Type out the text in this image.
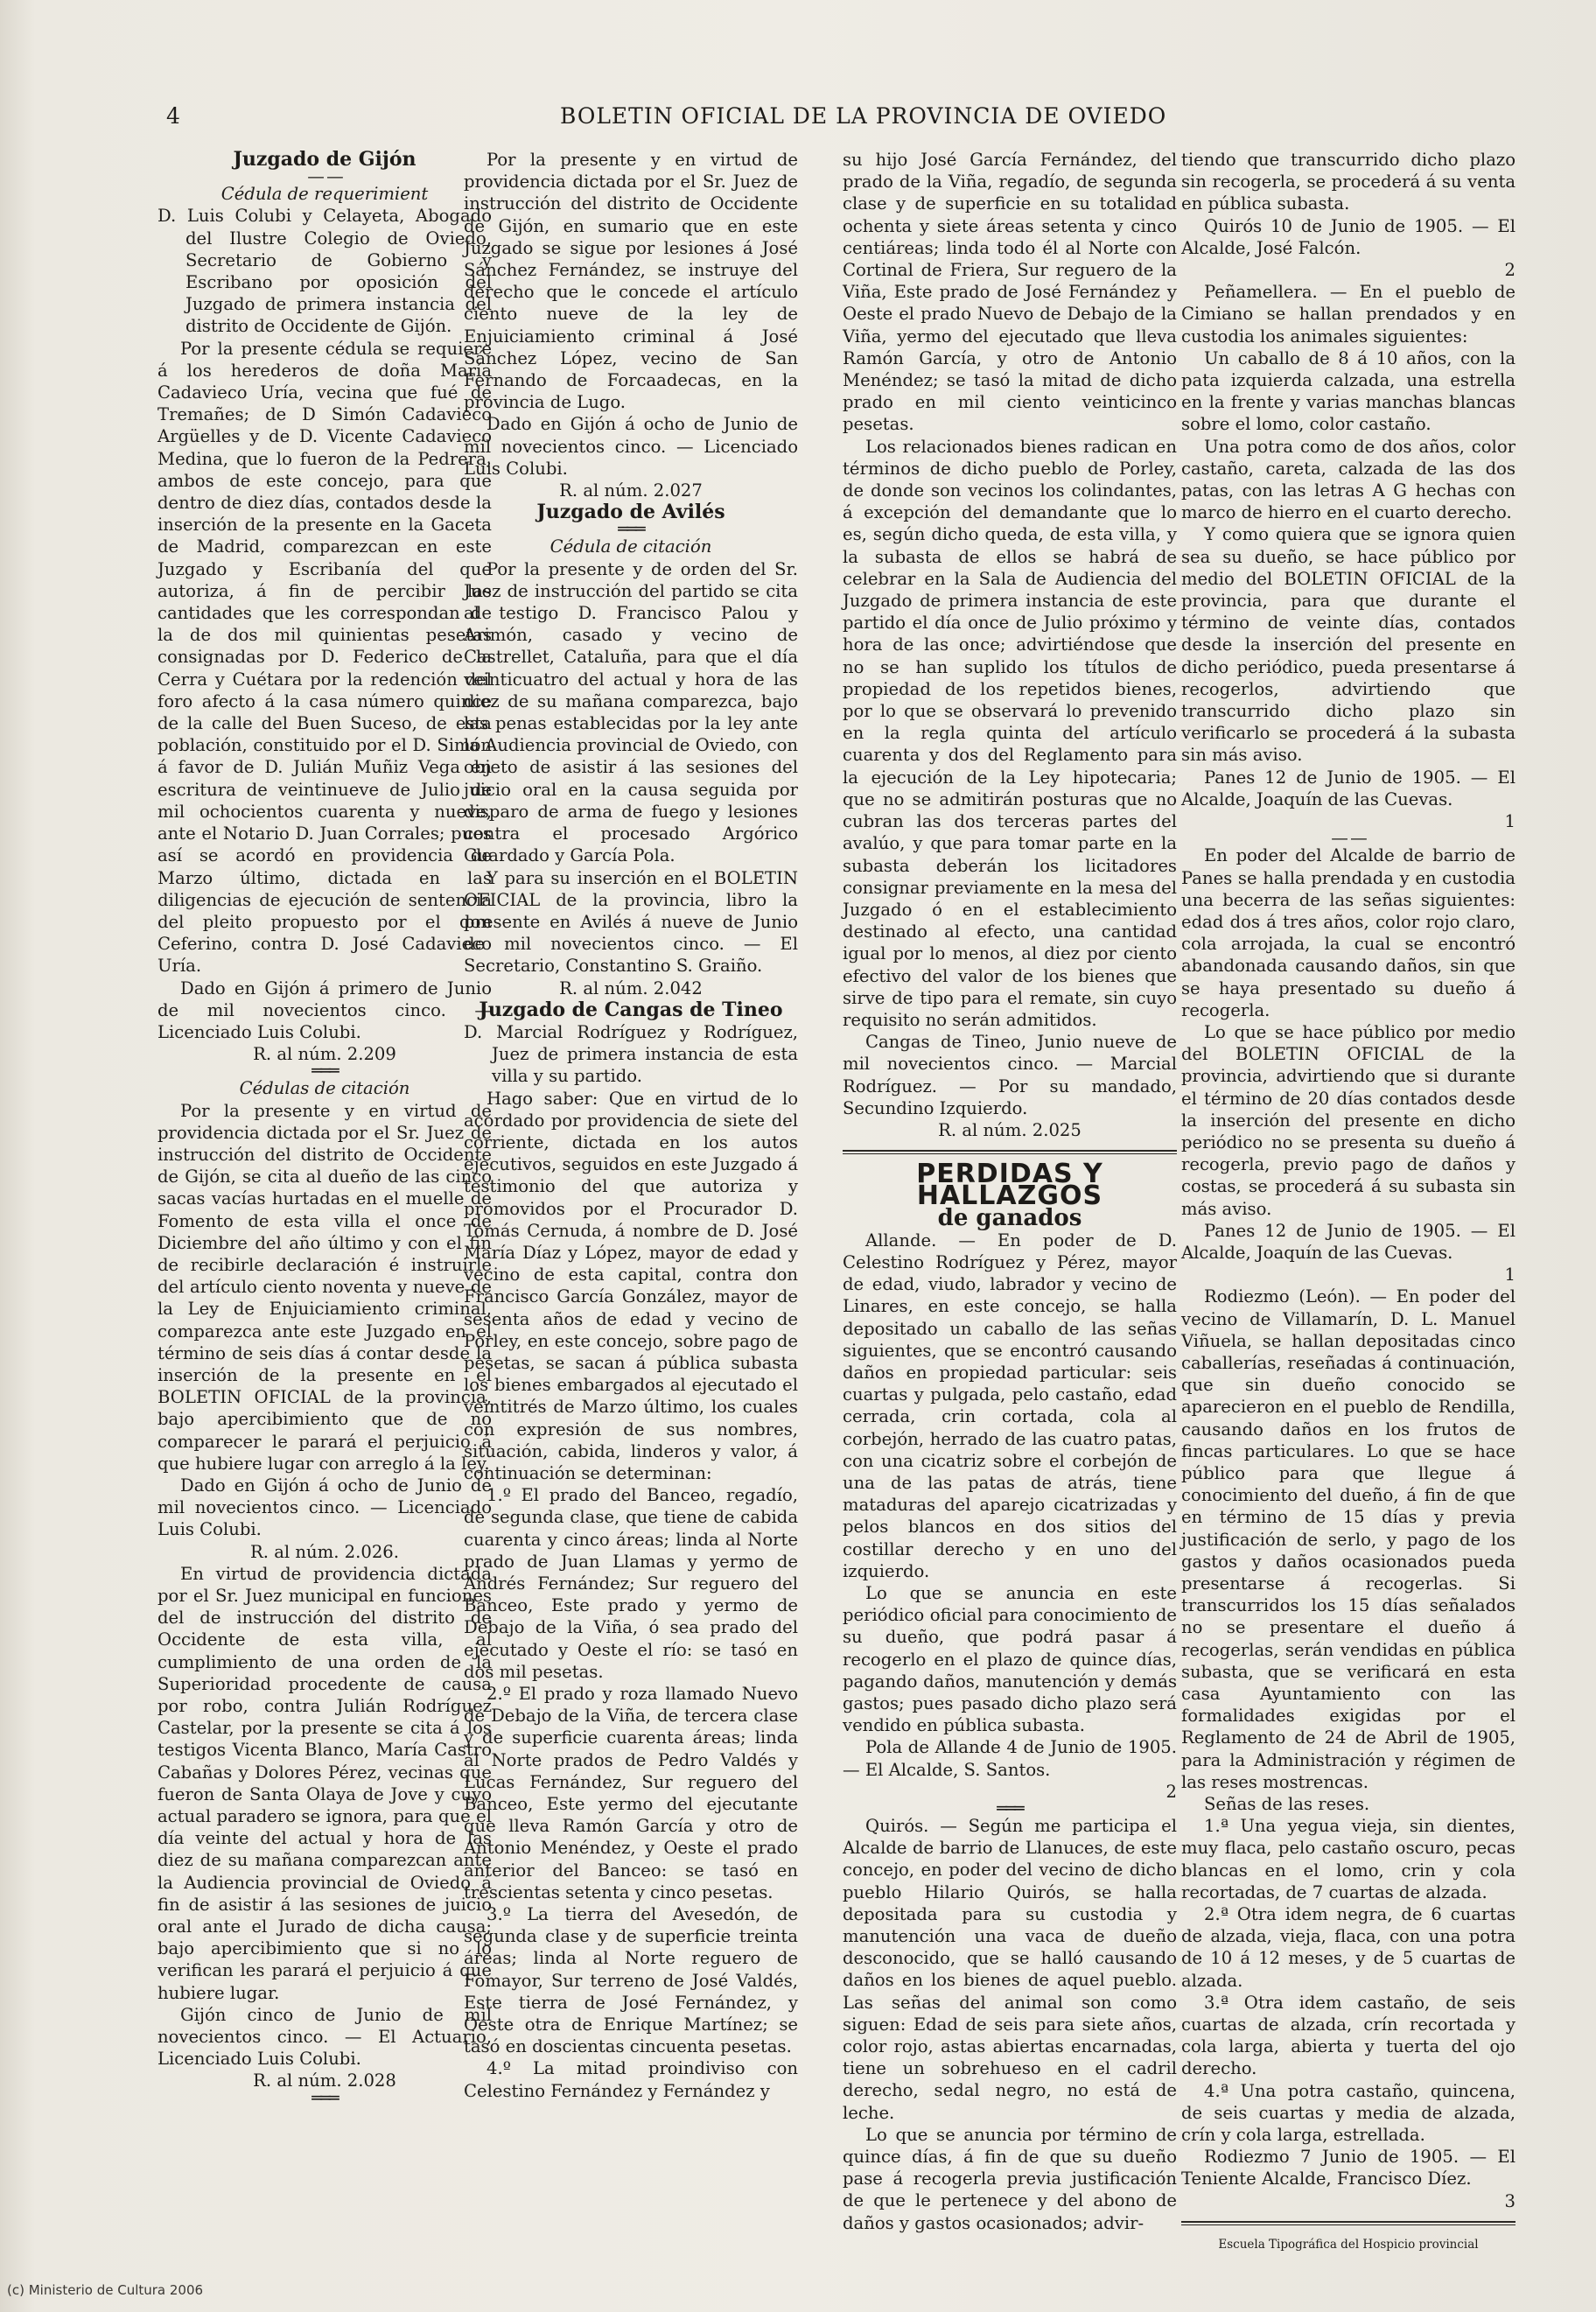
4	BOLETIN OFICIAL DE LA PROVINCIA DE OVIEDO

Juzgado de Gijón

— —

Cédula de requerimient

D. Luis Colubi y Celayeta, Abogado del Ilustre Colegio de Oviedo, Secretario de Gobierno y Escribano por oposición del Juzgado de primera instancia del distrito de Occidente de Gijón.

Por la presente cédula se requiere á los herederos de doña María Cadavieco Uría, vecina que fué de Tremañes; de D Simón Cadavieco Argüelles y de D. Vicente Cadavieco Medina, que lo fueron de la Pedrera, ambos de este concejo, para que dentro de diez días, contados desde la inserción de la presente en la Gaceta de Madrid, comparezcan en este Juzgado y Escribanía del que autoriza, á fin de percibir las cantidades que les correspondan de la de dos mil quinientas pesetas consignadas por D. Federico de la Cerra y Cuétara por la redención del foro afecto á la casa número quince de la calle del Buen Suceso, de esta población, constituido por el D. Simón á favor de D. Julián Muñiz Vega en escritura de veintinueve de Julio de mil ochocientos cuarenta y nueve, ante el Notario D. Juan Corrales; pues así se acordó en providencia de Marzo último, dictada en las diligencias de ejecución de sentencia del pleito propuesto por el don Ceferino, contra D. José Cadavieco Uría.

Dado en Gijón á primero de Junio de mil novecientos cinco. — Licenciado Luis Colubi.

R. al núm. 2.209

═══

Cédulas de citación

Por la presente y en virtud de providencia dictada por el Sr. Juez de instrucción del distrito de Occidente de Gijón, se cita al dueño de las cinco sacas vacías hurtadas en el muelle de Fomento de esta villa el once de Diciembre del año último y con el fin de recibirle declaración é instruirle del artículo ciento noventa y nueve de la Ley de Enjuiciamiento criminal, comparezca ante este Juzgado en el término de seis días á contar desde la inserción de la presente en el BOLETIN OFICIAL de la provincia, bajo apercibimiento que de no comparecer le parará el perjuicio á que hubiere lugar con arreglo á la ley.

Dado en Gijón á ocho de Junio de mil novecientos cinco. — Licenciado Luis Colubi.

R. al núm. 2.026.

En virtud de providencia dictada por el Sr. Juez municipal en funciones del de instrucción del distrito de Occidente de esta villa, al cumplimiento de una orden de la Superioridad procedente de causa por robo, contra Julián Rodríguez Castelar, por la presente se cita á los testigos Vicenta Blanco, María Castro Cabañas y Dolores Pérez, vecinas que fueron de Santa Olaya de Jove y cuyo actual paradero se ignora, para que el día veinte del actual y hora de las diez de su mañana comparezcan ante la Audiencia provincial de Oviedo á fin de asistir á las sesiones de juicio oral ante el Jurado de dicha causa; bajo apercibimiento que si no lo verifican les parará el perjuicio á que hubiere lugar.

Gijón cinco de Junio de mil novecientos cinco. — El Actuario, Licenciado Luis Colubi.

R. al núm. 2.028

═══

Por la presente y en virtud de providencia dictada por el Sr. Juez de instrucción del distrito de Occidente de Gijón, en sumario que en este Juzgado se sigue por lesiones á José Sánchez Fernández, se instruye del derecho que le concede el artículo ciento nueve de la ley de Enjuiciamiento criminal á José Sánchez López, vecino de San Fernando de Forcaadecas, en la provincia de Lugo.

Dado en Gijón á ocho de Junio de mil novecientos cinco. — Licenciado Luis Colubi.

R. al núm. 2.027

Juzgado de Avilés

═══

Cédula de citación

Por la presente y de orden del Sr. Juez de instrucción del partido se cita al testigo D. Francisco Palou y Arimón, casado y vecino de Castrellet, Cataluña, para que el día veinticuatro del actual y hora de las diez de su mañana comparezca, bajo las penas establecidas por la ley ante la Audiencia provincial de Oviedo, con objeto de asistir á las sesiones del juicio oral en la causa seguida por disparo de arma de fuego y lesiones contra el procesado Argórico Guardado y García Pola.

Y para su inserción en el BOLETIN OFICIAL de la provincia, libro la presente en Avilés á nueve de Junio de mil novecientos cinco. — El Secretario, Constantino S. Graiño.

R. al núm. 2.042

Juzgado de Cangas de Tineo

D. Marcial Rodríguez y Rodríguez, Juez de primera instancia de esta villa y su partido.

Hago saber: Que en virtud de lo acordado por providencia de siete del corriente, dictada en los autos ejecutivos, seguidos en este Juzgado á testimonio del que autoriza y promovidos por el Procurador D. Tomás Cernuda, á nombre de D. José María Díaz y López, mayor de edad y vecino de esta capital, contra don Francisco García González, mayor de sesenta años de edad y vecino de Porley, en este concejo, sobre pago de pesetas, se sacan á pública subasta los bienes embargados al ejecutado el veintitrés de Marzo último, los cuales con expresión de sus nombres, situación, cabida, linderos y valor, á continuación se determinan:

1.º El prado del Banceo, regadío, de segunda clase, que tiene de cabida cuarenta y cinco áreas; linda al Norte prado de Juan Llamas y yermo de Andrés Fernández; Sur reguero del Banceo, Este prado y yermo de Debajo de la Viña, ó sea prado del ejecutado y Oeste el río: se tasó en dos mil pesetas.

2.º El prado y roza llamado Nuevo de Debajo de la Viña, de tercera clase y de superficie cuarenta áreas; linda al Norte prados de Pedro Valdés y Lucas Fernández, Sur reguero del Banceo, Este yermo del ejecutante que lleva Ramón García y otro de Antonio Menéndez, y Oeste el prado anterior del Banceo: se tasó en trescientas setenta y cinco pesetas.

3.º La tierra del Avesedón, de segunda clase y de superficie treinta áreas; linda al Norte reguero de Fomayor, Sur terreno de José Valdés, Este tierra de José Fernández, y Oeste otra de Enrique Martínez; se tasó en doscientas cincuenta pesetas.

4.º La mitad proindiviso con Celestino Fernández y Fernández y

su hijo José García Fernández, del prado de la Viña, regadío, de segunda clase y de superficie en su totalidad ochenta y siete áreas setenta y cinco centiáreas; linda todo él al Norte con Cortinal de Friera, Sur reguero de la Viña, Este prado de José Fernández y Oeste el prado Nuevo de Debajo de la Viña, yermo del ejecutado que lleva Ramón García, y otro de Antonio Menéndez; se tasó la mitad de dicho prado en mil ciento veinticinco pesetas.

Los relacionados bienes radican en términos de dicho pueblo de Porley, de donde son vecinos los colindantes, á excepción del demandante que lo es, según dicho queda, de esta villa, y la subasta de ellos se habrá de celebrar en la Sala de Audiencia del Juzgado de primera instancia de este partido el día once de Julio próximo y hora de las once; advirtiéndose que no se han suplido los títulos de propiedad de los repetidos bienes, por lo que se observará lo prevenido en la regla quinta del artículo cuarenta y dos del Reglamento para la ejecución de la Ley hipotecaria; que no se admitirán posturas que no cubran las dos terceras partes del avalúo, y que para tomar parte en la subasta deberán los licitadores consignar previamente en la mesa del Juzgado ó en el establecimiento destinado al efecto, una cantidad igual por lo menos, al diez por ciento efectivo del valor de los bienes que sirve de tipo para el remate, sin cuyo requisito no serán admitidos.

Cangas de Tineo, Junio nueve de mil novecientos cinco. — Marcial Rodríguez. — Por su mandado, Secundino Izquierdo.

R. al núm. 2.025

PERDIDAS Y HALLAZGOS

de ganados

Allande. — En poder de D. Celestino Rodríguez y Pérez, mayor de edad, viudo, labrador y vecino de Linares, en este concejo, se halla depositado un caballo de las señas siguientes, que se encontró causando daños en propiedad particular: seis cuartas y pulgada, pelo castaño, edad cerrada, crin cortada, cola al corbejón, herrado de las cuatro patas, con una cicatriz sobre el corbejón de una de las patas de atrás, tiene mataduras del aparejo cicatrizadas y pelos blancos en dos sitios del costillar derecho y en uno del izquierdo.

Lo que se anuncia en este periódico oficial para conocimiento de su dueño, que podrá pasar á recogerlo en el plazo de quince días, pagando daños, manutención y demás gastos; pues pasado dicho plazo será vendido en pública subasta.

Pola de Allande 4 de Junio de 1905. — El Alcalde, S. Santos.

2

═══

Quirós. — Según me participa el Alcalde de barrio de Llanuces, de este concejo, en poder del vecino de dicho pueblo Hilario Quirós, se halla depositada para su custodia y manutención una vaca de dueño desconocido, que se halló causando daños en los bienes de aquel pueblo. Las señas del animal son como siguen: Edad de seis para siete años, color rojo, astas abiertas encarnadas, tiene un sobrehueso en el cadril derecho, sedal negro, no está de leche.

Lo que se anuncia por término de quince días, á fin de que su dueño pase á recogerla previa justificación de que le pertenece y del abono de daños y gastos ocasionados; advir-

tiendo que transcurrido dicho plazo sin recogerla, se procederá á su venta en pública subasta.

Quirós 10 de Junio de 1905. — El Alcalde, José Falcón.

2

Peñamellera. — En el pueblo de Cimiano se hallan prendados y en custodia los animales siguientes:

Un caballo de 8 á 10 años, con la pata izquierda calzada, una estrella en la frente y varias manchas blancas sobre el lomo, color castaño.

Una potra como de dos años, color castaño, careta, calzada de las dos patas, con las letras A G hechas con marco de hierro en el cuarto derecho.

Y como quiera que se ignora quien sea su dueño, se hace público por medio del BOLETIN OFICIAL de la provincia, para que durante el término de veinte días, contados desde la inserción del presente en dicho periódico, pueda presentarse á recogerlos, advirtiendo que transcurrido dicho plazo sin verificarlo se procederá á la subasta sin más aviso.

Panes 12 de Junio de 1905. — El Alcalde, Joaquín de las Cuevas.

1

— —

En poder del Alcalde de barrio de Panes se halla prendada y en custodia una becerra de las señas siguientes: edad dos á tres años, color rojo claro, cola arrojada, la cual se encontró abandonada causando daños, sin que se haya presentado su dueño á recogerla.

Lo que se hace público por medio del BOLETIN OFICIAL de la provincia, advirtiendo que si durante el término de 20 días contados desde la inserción del presente en dicho periódico no se presenta su dueño á recogerla, previo pago de daños y costas, se procederá á su subasta sin más aviso.

Panes 12 de Junio de 1905. — El Alcalde, Joaquín de las Cuevas.

1

Rodiezmo (León). — En poder del vecino de Villamarín, D. L. Manuel Viñuela, se hallan depositadas cinco caballerías, reseñadas á continuación, que sin dueño conocido se aparecieron en el pueblo de Rendilla, causando daños en los frutos de fincas particulares. Lo que se hace público para que llegue á conocimiento del dueño, á fin de que en término de 15 días y previa justificación de serlo, y pago de los gastos y daños ocasionados pueda presentarse á recogerlas. Si transcurridos los 15 días señalados no se presentare el dueño á recogerlas, serán vendidas en pública subasta, que se verificará en esta casa Ayuntamiento con las formalidades exigidas por el Reglamento de 24 de Abril de 1905, para la Administración y régimen de las reses mostrencas.

Señas de las reses.

1.ª Una yegua vieja, sin dientes, muy flaca, pelo castaño oscuro, pecas blancas en el lomo, crin y cola recortadas, de 7 cuartas de alzada.

2.ª Otra idem negra, de 6 cuartas de alzada, vieja, flaca, con una potra de 10 á 12 meses, y de 5 cuartas de alzada.

3.ª Otra idem castaño, de seis cuartas de alzada, crín recortada y cola larga, abierta y tuerta del ojo derecho.

4.ª Una potra castaño, quincena, de seis cuartas y media de alzada, crín y cola larga, estrellada.

Rodiezmo 7 Junio de 1905. — El Teniente Alcalde, Francisco Díez.

3

Escuela Tipográfica del Hospicio provincial

(c) Ministerio de Cultura 2006
